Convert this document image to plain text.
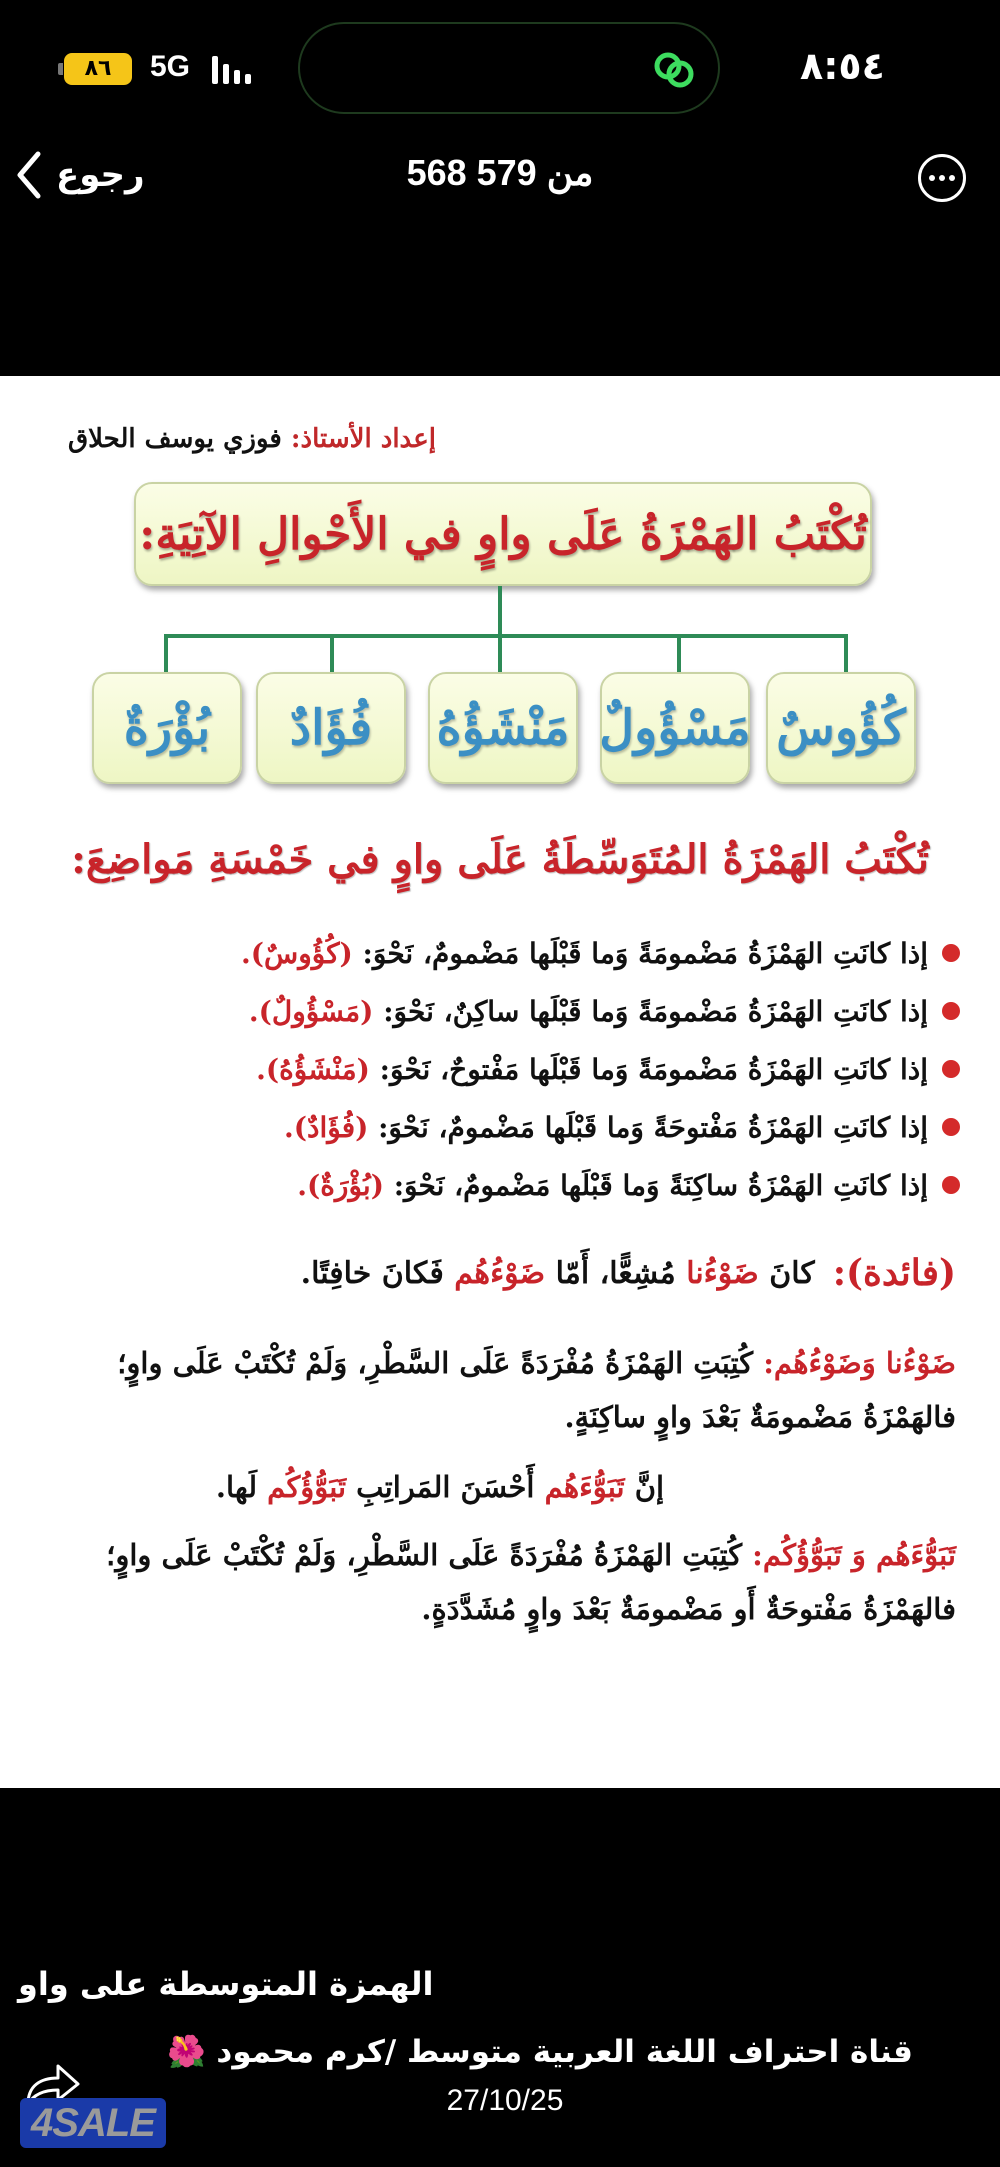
٨٦	5G	٨:٥٤
رجوع	568 من 579
إعداد الأستاذ: فوزي يوسف الحلاق
تُكْتَبُ الهَمْزَةُ عَلَى واوٍ في الأَحْوالِ الآتِيَةِ:
كُؤُوسٌ
مَسْؤُولٌ
مَنْشَؤُهُ
فُؤَادٌ
بُؤْرَةٌ
تُكْتَبُ الهَمْزَةُ المُتَوَسِّطَةُ عَلَى واوٍ في خَمْسَةِ مَواضِعَ:
إذا كانَتِ الهَمْزَةُ مَضْمومَةً وَما قَبْلَها مَضْمومٌ، نَحْوَ:

(كُؤُوسٌ).
إذا كانَتِ الهَمْزَةُ مَضْمومَةً وَما قَبْلَها ساكِنٌ، نَحْوَ:

(مَسْؤُولٌ).
إذا كانَتِ الهَمْزَةُ مَضْمومَةً وَما قَبْلَها مَفْتوحٌ، نَحْوَ:

(مَنْشَؤُهُ).
إذا كانَتِ الهَمْزَةُ مَفْتوحَةً وَما قَبْلَها مَضْمومٌ، نَحْوَ:

(فُؤَادٌ).
إذا كانَتِ الهَمْزَةُ ساكِنَةً وَما قَبْلَها مَضْمومٌ، نَحْوَ:

(بُؤْرَةٌ).
(فائدة):
كانَ ضَوْءُنا مُشِعًّا، أَمّا ضَوْءُهُم فَكانَ خافِتًا.

ضَوْءُنا وَضَوْءُهُم: كُتِبَتِ الهَمْزَةُ مُفْرَدَةً عَلَى السَّطْرِ، وَلَمْ تُكْتَبْ عَلَى واوٍ؛ فالهَمْزَةُ مَضْمومَةٌ بَعْدَ واوٍ ساكِنَةٍ.

إنَّ تَبَوُّءَهُم أَحْسَنَ المَراتِبِ تَبَوُّؤُكُم لَها.

تَبَوُّءَهُم وَ تَبَوُّؤُكُم: كُتِبَتِ الهَمْزَةُ مُفْرَدَةً عَلَى السَّطْرِ، وَلَمْ تُكْتَبْ عَلَى واوٍ؛ فالهَمْزَةُ مَفْتوحَةٌ أَو مَضْمومَةٌ بَعْدَ واوٍ مُشَدَّدَةٍ.

الهمزة المتوسطة على واو
قناة احتراف اللغة العربية متوسط /كرم محمود 🌺
27/10/25
4SALE
